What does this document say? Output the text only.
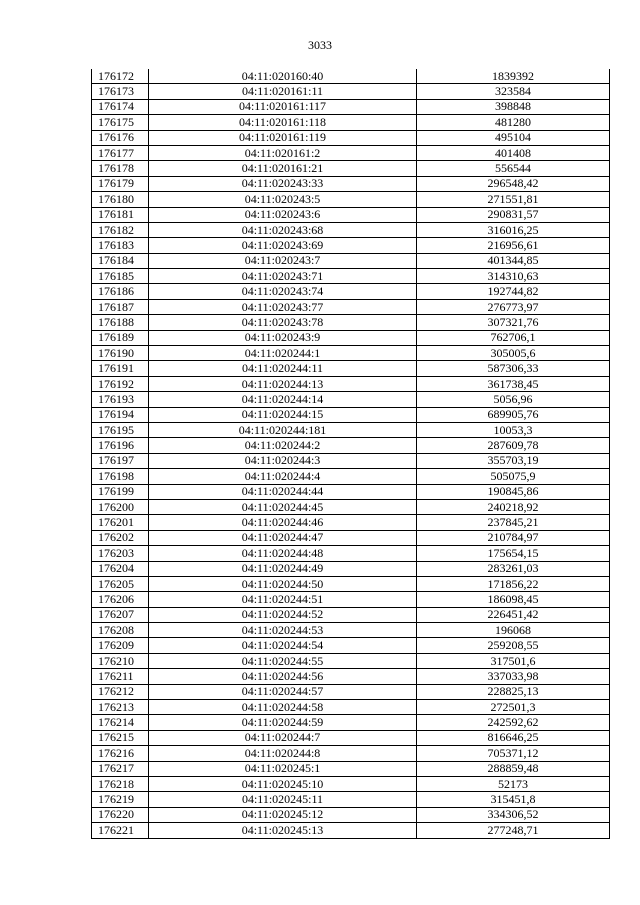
3033
176172	04:11:020160:40	1839392
176173	04:11:020161:11	323584
176174	04:11:020161:117	398848
176175	04:11:020161:118	481280
176176	04:11:020161:119	495104
176177	04:11:020161:2	401408
176178	04:11:020161:21	556544
176179	04:11:020243:33	296548,42
176180	04:11:020243:5	271551,81
176181	04:11:020243:6	290831,57
176182	04:11:020243:68	316016,25
176183	04:11:020243:69	216956,61
176184	04:11:020243:7	401344,85
176185	04:11:020243:71	314310,63
176186	04:11:020243:74	192744,82
176187	04:11:020243:77	276773,97
176188	04:11:020243:78	307321,76
176189	04:11:020243:9	762706,1
176190	04:11:020244:1	305005,6
176191	04:11:020244:11	587306,33
176192	04:11:020244:13	361738,45
176193	04:11:020244:14	5056,96
176194	04:11:020244:15	689905,76
176195	04:11:020244:181	10053,3
176196	04:11:020244:2	287609,78
176197	04:11:020244:3	355703,19
176198	04:11:020244:4	505075,9
176199	04:11:020244:44	190845,86
176200	04:11:020244:45	240218,92
176201	04:11:020244:46	237845,21
176202	04:11:020244:47	210784,97
176203	04:11:020244:48	175654,15
176204	04:11:020244:49	283261,03
176205	04:11:020244:50	171856,22
176206	04:11:020244:51	186098,45
176207	04:11:020244:52	226451,42
176208	04:11:020244:53	196068
176209	04:11:020244:54	259208,55
176210	04:11:020244:55	317501,6
176211	04:11:020244:56	337033,98
176212	04:11:020244:57	228825,13
176213	04:11:020244:58	272501,3
176214	04:11:020244:59	242592,62
176215	04:11:020244:7	816646,25
176216	04:11:020244:8	705371,12
176217	04:11:020245:1	288859,48
176218	04:11:020245:10	52173
176219	04:11:020245:11	315451,8
176220	04:11:020245:12	334306,52
176221	04:11:020245:13	277248,71
